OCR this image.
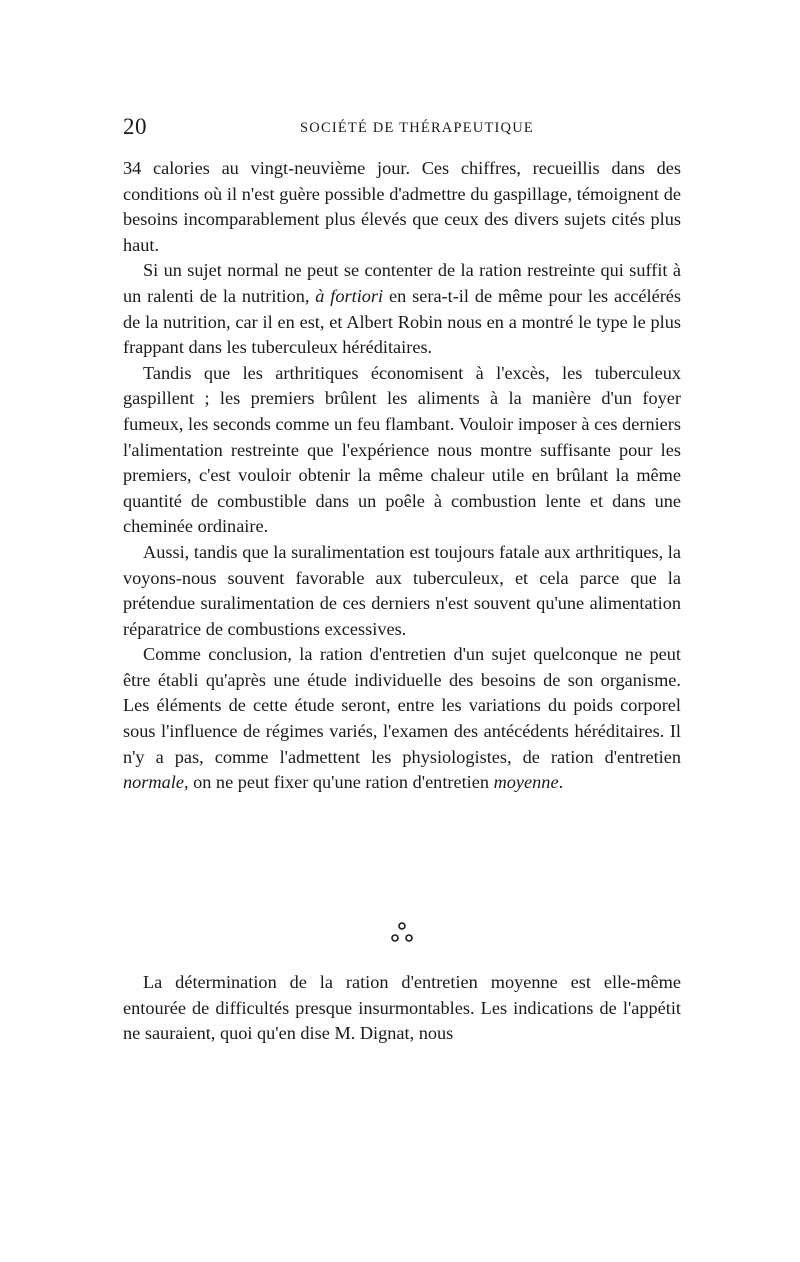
20	SOCIÉTÉ DE THÉRAPEUTIQUE

34 calories au vingt-neuvième jour. Ces chiffres, recueillis dans des conditions où il n'est guère possible d'admettre du gaspillage, témoignent de besoins incomparablement plus élevés que ceux des divers sujets cités plus haut.

Si un sujet normal ne peut se contenter de la ration restreinte qui suffit à un ralenti de la nutrition, à fortiori en sera-t-il de même pour les accélérés de la nutrition, car il en est, et Albert Robin nous en a montré le type le plus frappant dans les tuberculeux héréditaires.

Tandis que les arthritiques économisent à l'excès, les tuberculeux gaspillent ; les premiers brûlent les aliments à la manière d'un foyer fumeux, les seconds comme un feu flambant. Vouloir imposer à ces derniers l'alimentation restreinte que l'expérience nous montre suffisante pour les premiers, c'est vouloir obtenir la même chaleur utile en brûlant la même quantité de combustible dans un poêle à combustion lente et dans une cheminée ordinaire.

Aussi, tandis que la suralimentation est toujours fatale aux arthritiques, la voyons-nous souvent favorable aux tuberculeux, et cela parce que la prétendue suralimentation de ces derniers n'est souvent qu'une alimentation réparatrice de combustions excessives.

Comme conclusion, la ration d'entretien d'un sujet quelconque ne peut être établi qu'après une étude individuelle des besoins de son organisme. Les éléments de cette étude seront, entre les variations du poids corporel sous l'influence de régimes variés, l'examen des antécédents héréditaires. Il n'y a pas, comme l'admettent les physiologistes, de ration d'entretien normale, on ne peut fixer qu'une ration d'entretien moyenne.

La détermination de la ration d'entretien moyenne est elle-même entourée de difficultés presque insurmontables. Les indications de l'appétit ne sauraient, quoi qu'en dise M. Dignat, nous
